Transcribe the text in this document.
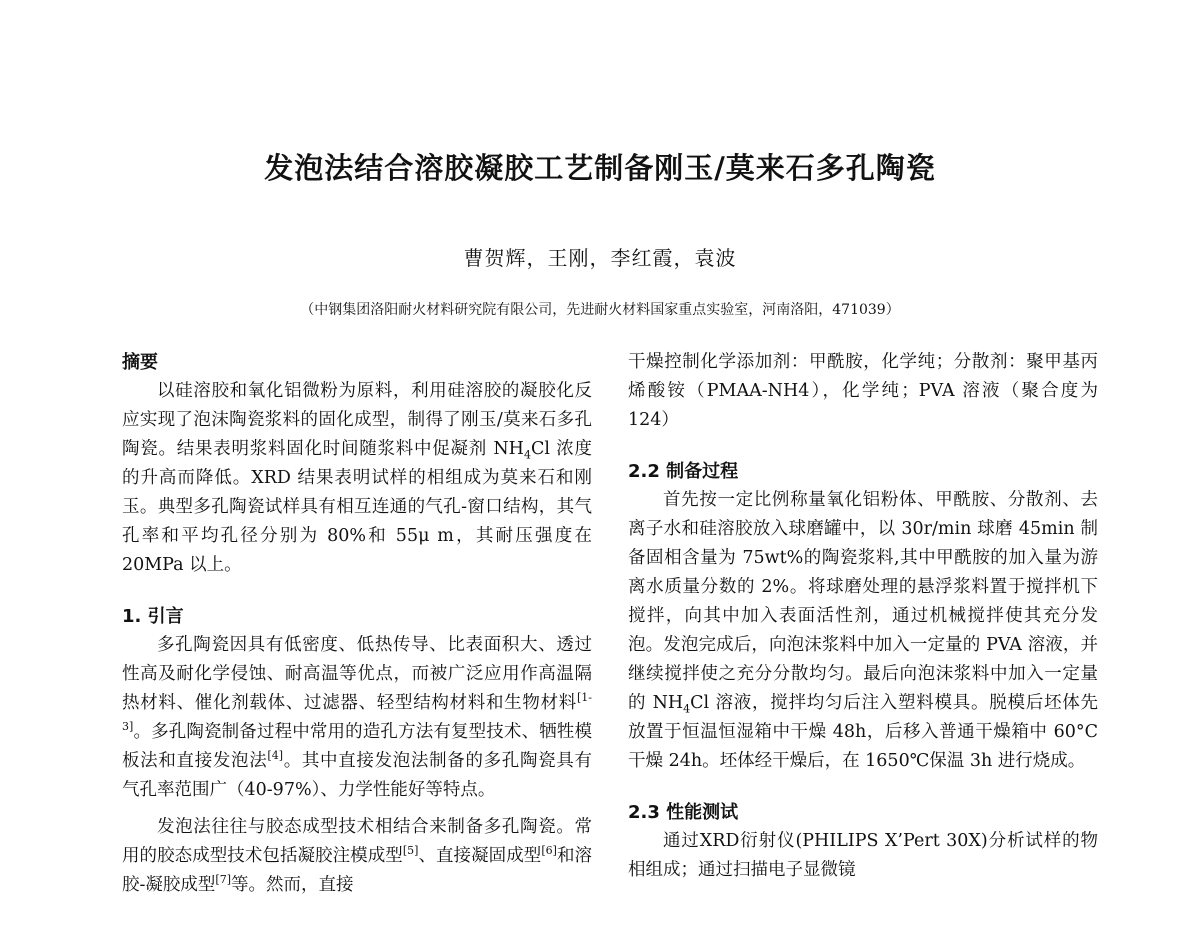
发泡法结合溶胶凝胶工艺制备刚玉/莫来石多孔陶瓷
曹贺辉，王刚，李红霞，袁波
（中钢集团洛阳耐火材料研究院有限公司，先进耐火材料国家重点实验室，河南洛阳，471039）
摘要

以硅溶胶和氧化铝微粉为原料，利用硅溶胶的凝胶化反应实现了泡沫陶瓷浆料的固化成型，制得了刚玉/莫来石多孔陶瓷。结果表明浆料固化时间随浆料中促凝剂 $NH_4Cl$ 浓度的升高而降低。XRD 结果表明试样的相组成为莫来石和刚玉。典型多孔陶瓷试样具有相互连通的气孔-窗口结构，其气孔率和平均孔径分别为 80%和 55μ m，其耐压强度在 20MPa 以上。

1. 引言

多孔陶瓷因具有低密度、低热传导、比表面积大、透过性高及耐化学侵蚀、耐高温等优点，而被广泛应用作高温隔热材料、催化剂载体、过滤器、轻型结构材料和生物材料[1-3]。多孔陶瓷制备过程中常用的造孔方法有复型技术、牺牲模板法和直接发泡法[4]。其中直接发泡法制备的多孔陶瓷具有气孔率范围广（40-97%）、力学性能好等特点。

发泡法往往与胶态成型技术相结合来制备多孔陶瓷。常用的胶态成型技术包括凝胶注模成型[5]、直接凝固成型[6]和溶胶-凝胶成型[7]等。然而，直接

干燥控制化学添加剂：甲酰胺，化学纯；分散剂：聚甲基丙烯酸铵（PMAA-NH4），化学纯；PVA 溶液（聚合度为 124）

2.2 制备过程

首先按一定比例称量氧化铝粉体、甲酰胺、分散剂、去离子水和硅溶胶放入球磨罐中，以 30r/min 球磨 45min 制备固相含量为 75wt%的陶瓷浆料,其中甲酰胺的加入量为游离水质量分数的 2%。将球磨处理的悬浮浆料置于搅拌机下搅拌，向其中加入表面活性剂，通过机械搅拌使其充分发泡。发泡完成后，向泡沫浆料中加入一定量的 PVA 溶液，并继续搅拌使之充分分散均匀。最后向泡沫浆料中加入一定量的 $NH_4Cl$ 溶液，搅拌均匀后注入塑料模具。脱模后坯体先放置于恒温恒湿箱中干燥 48h，后移入普通干燥箱中 60°C 干燥 24h。坯体经干燥后，在 1650℃保温 3h 进行烧成。

2.3 性能测试

通过XRD衍射仪(PHILIPS X’Pert 30X)分析试样的物相组成；通过扫描电子显微镜
